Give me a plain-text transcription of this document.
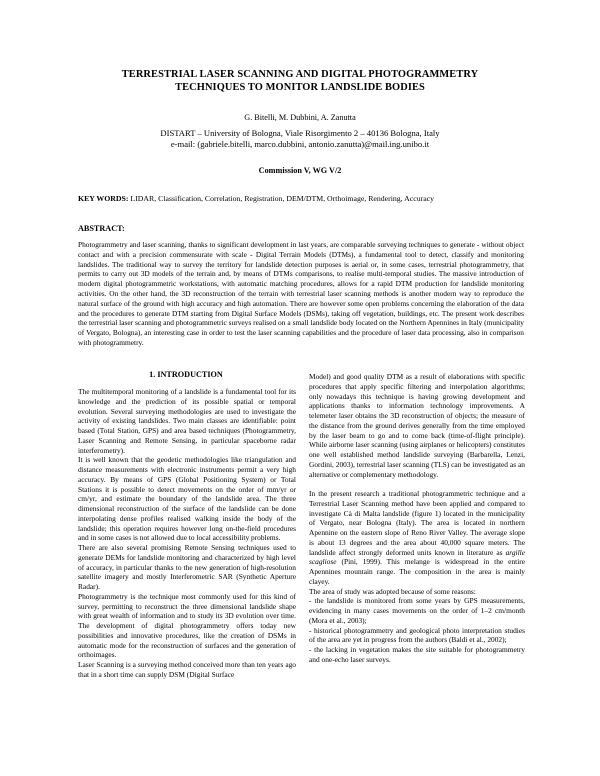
TERRESTRIAL LASER SCANNING AND DIGITAL PHOTOGRAMMETRY
TECHNIQUES TO MONITOR LANDSLIDE BODIES
G. Bitelli, M. Dubbini, A. Zanutta
DISTART – University of Bologna, Viale Risorgimento 2 – 40136 Bologna, Italy
e-mail: (gabriele.bitelli, marco.dubbini, antonio.zanutta)@mail.ing.unibo.it
Commission V, WG V/2
KEY WORDS: LIDAR, Classification, Correlation, Registration, DEM/DTM, Orthoimage, Rendering, Accuracy
ABSTRACT:
Photogrammetry and laser scanning, thanks to significant development in last years, are comparable surveying techniques to generate - without object contact and with a precision commensurate with scale - Digital Terrain Models (DTMs), a fundamental tool to detect, classify and monitoring landslides. The traditional way to survey the territory for landslide detection purposes is aerial or, in some cases, terrestrial photogrammetry, that permits to carry out 3D models of the terrain and, by means of DTMs comparisons, to realise multi-temporal studies. The massive introduction of modern digital photogrammetric workstations, with automatic matching procedures, allows for a rapid DTM production for landslide monitoring activities. On the other hand, the 3D reconstruction of the terrain with terrestrial laser scanning methods is another modern way to reproduce the natural surface of the ground with high accuracy and high automation. There are however some open problems concerning the elaboration of the data and the procedures to generate DTM starting from Digital Surface Models (DSMs), taking off vegetation, buildings, etc. The present work describes the terrestrial laser scanning and photogrammetric surveys realised on a small landslide body located on the Northern Apennines in Italy (municipality of Vergato, Bologna), an interesting case in order to test the laser scanning capabilities and the procedure of laser data processing, also in comparison with photogrammetry.
1. INTRODUCTION

The multitemporal monitoring of a landslide is a fundamental tool for its knowledge and the prediction of its possible spatial or temporal evolution. Several surveying methodologies are used to investigate the activity of existing landslides. Two main classes are identifiable: point based (Total Station, GPS) and area based techniques (Photogrammetry, Laser Scanning and Remote Sensing, in particular spaceborne radar interferometry).

It is well known that the geodetic methodologies like triangulation and distance measurements with electronic instruments permit a very high accuracy. By means of GPS (Global Positioning System) or Total Stations it is possible to detect movements on the order of mm/yr or cm/yr, and estimate the boundary of the landslide area. The three dimensional reconstruction of the surface of the landslide can be done interpolating dense profiles realised walking inside the body of the landslide; this operation requires however long on-the-field procedures and in some cases is not allowed due to local accessibility problems.

There are also several promising Remote Sensing techniques used to generate DEMs for landslide monitoring and characterized by high level of accuracy, in particular thanks to the new generation of high-resolution satellite imagery and mostly Interferometric SAR (Synthetic Aperture Radar).

Photogrammetry is the technique most commonly used for this kind of survey, permitting to reconstruct the three dimensional landslide shape with great wealth of information and to study its 3D evolution over time. The development of digital photogrammetry offers today new possibilities and innovative procedures, like the creation of DSMs in automatic mode for the reconstruction of surfaces and the generation of orthoimages.

Laser Scanning is a surveying method conceived more than ten years ago that in a short time can supply DSM (Digital Surface

Model) and good quality DTM as a result of elaborations with specific procedures that apply specific filtering and interpolation algorithms; only nowadays this technique is having growing development and applications thanks to information technology improvements. A telemeter laser obtains the 3D reconstruction of objects; the measure of the distance from the ground derives generally from the time employed by the laser beam to go and to come back (time-of-flight principle). While airborne laser scanning (using airplanes or helicopters) constitutes one well established method landslide surveying (Barbarella, Lenzi, Gordini, 2003), terrestrial laser scanning (TLS) can be investigated as an alternative or complementary methodology.

In the present research a traditional photogrammetric technique and a Terrestrial Laser Scanning method have been applied and compared to investigate Cà di Malta landslide (figure 1) located in the municipality of Vergato, near Bologna (Italy). The area is located in northern Apennine on the eastern slope of Reno River Valley. The average slope is about 13 degrees and the area about 40,000 square meters. The landslide affect strongly deformed units known in literature as argille scagliose (Pini, 1999). This melange is widespread in the entire Apennines mountain range. The composition in the area is mainly clayey.

The area of study was adopted because of some reasons:

- the landslide is monitored from some years by GPS measurements, evidencing in many cases movements on the order of 1–2 cm/month (Mora et al., 2003);

- historical photogrammetry and geological photo interpretation studies of the area are yet in progress from the authors (Baldi et al., 2002);

- the lacking in vegetation makes the site suitable for photogrammetry and one-echo laser surveys.
